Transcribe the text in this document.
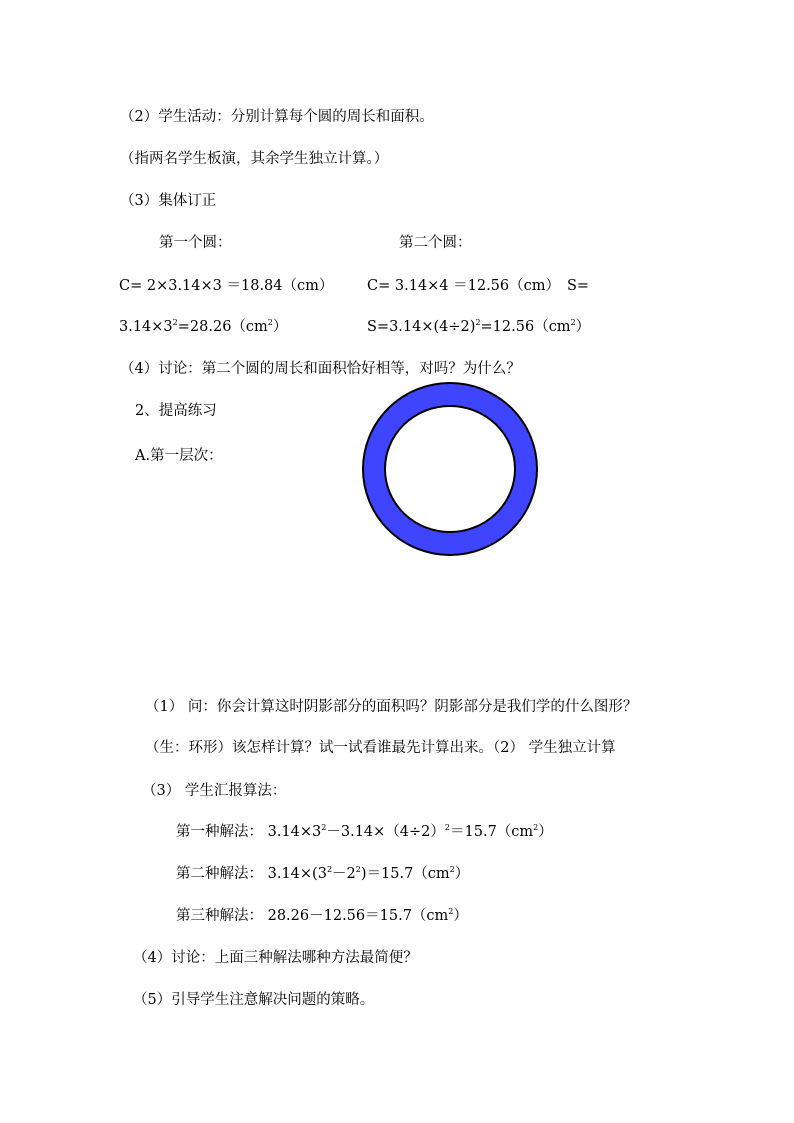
（2）学生活动：分别计算每个圆的周长和面积。
（指两名学生板演，其余学生独立计算。）
（3）集体订正
第一个圆：	第二个圆：
C= 2×3.14×3 ＝18.84（cm） C= 3.14×4 ＝12.56（cm） S=
$3.14\times 3^2=28.26(cm^2)$	$S=3.14\times(4\div 2)^2=12.56(cm^2)$
（4）讨论：第二个圆的周长和面积恰好相等，对吗？为什么？
2、提高练习
A.第一层次：
（1） 问：你会计算这时阴影部分的面积吗？阴影部分是我们学的什么图形？
（生：环形）该怎样计算？试一试看谁最先计算出来。（2） 学生独立计算
（3） 学生汇报算法：
第一种解法： $3.14\times 3^2-3.14\times(4\div 2)^2=15.7(cm^2)$
第二种解法： $3.14\times(3^2-2^2)=15.7(cm^2)$
第三种解法： $28.26-12.56=15.7(cm^2)$
（4）讨论：上面三种解法哪种方法最简便？
（5）引导学生注意解决问题的策略。
